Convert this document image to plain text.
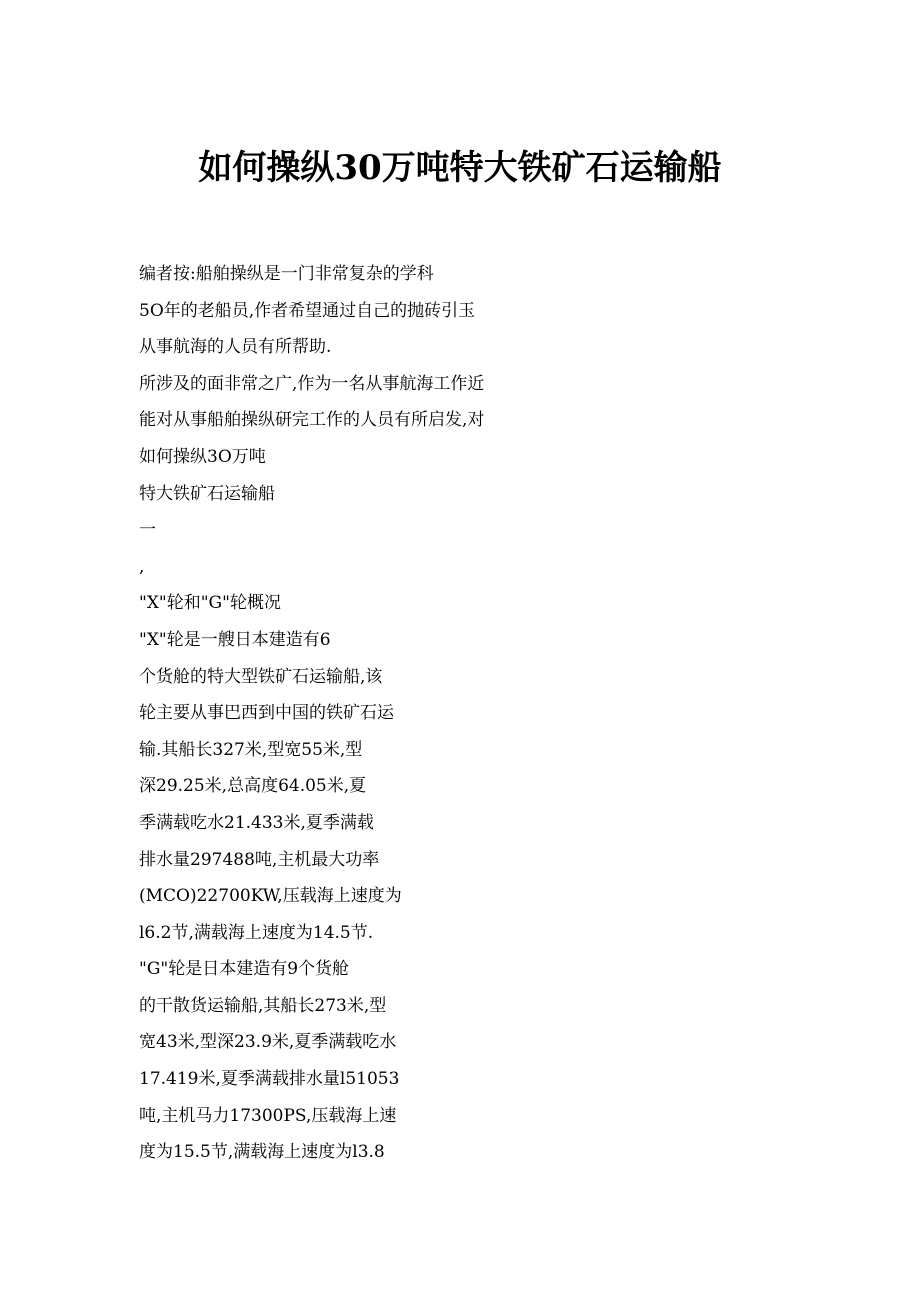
如何操纵30万吨特大铁矿石运输船
编者按:船舶操纵是一门非常复杂的学科
5O年的老船员,作者希望通过自己的抛砖引玉
从事航海的人员有所帮助.
所涉及的面非常之广,作为一名从事航海工作近
能对从事船舶操纵研完工作的人员有所启发,对
如何操纵3O万吨
特大铁矿石运输船
一
,
"X"轮和"G"轮概况
"X"轮是一艘日本建造有6
个货舱的特大型铁矿石运输船,该
轮主要从事巴西到中国的铁矿石运
输.其船长327米,型宽55米,型
深29.25米,总高度64.05米,夏
季满载吃水21.433米,夏季满载
排水量297488吨,主机最大功率
(MCO)22700KW,压载海上速度为
l6.2节,满载海上速度为14.5节.
"G"轮是日本建造有9个货舱
的干散货运输船,其船长273米,型
宽43米,型深23.9米,夏季满载吃水
17.419米,夏季满载排水量l51053
吨,主机马力17300PS,压载海上速
度为15.5节,满载海上速度为l3.8
